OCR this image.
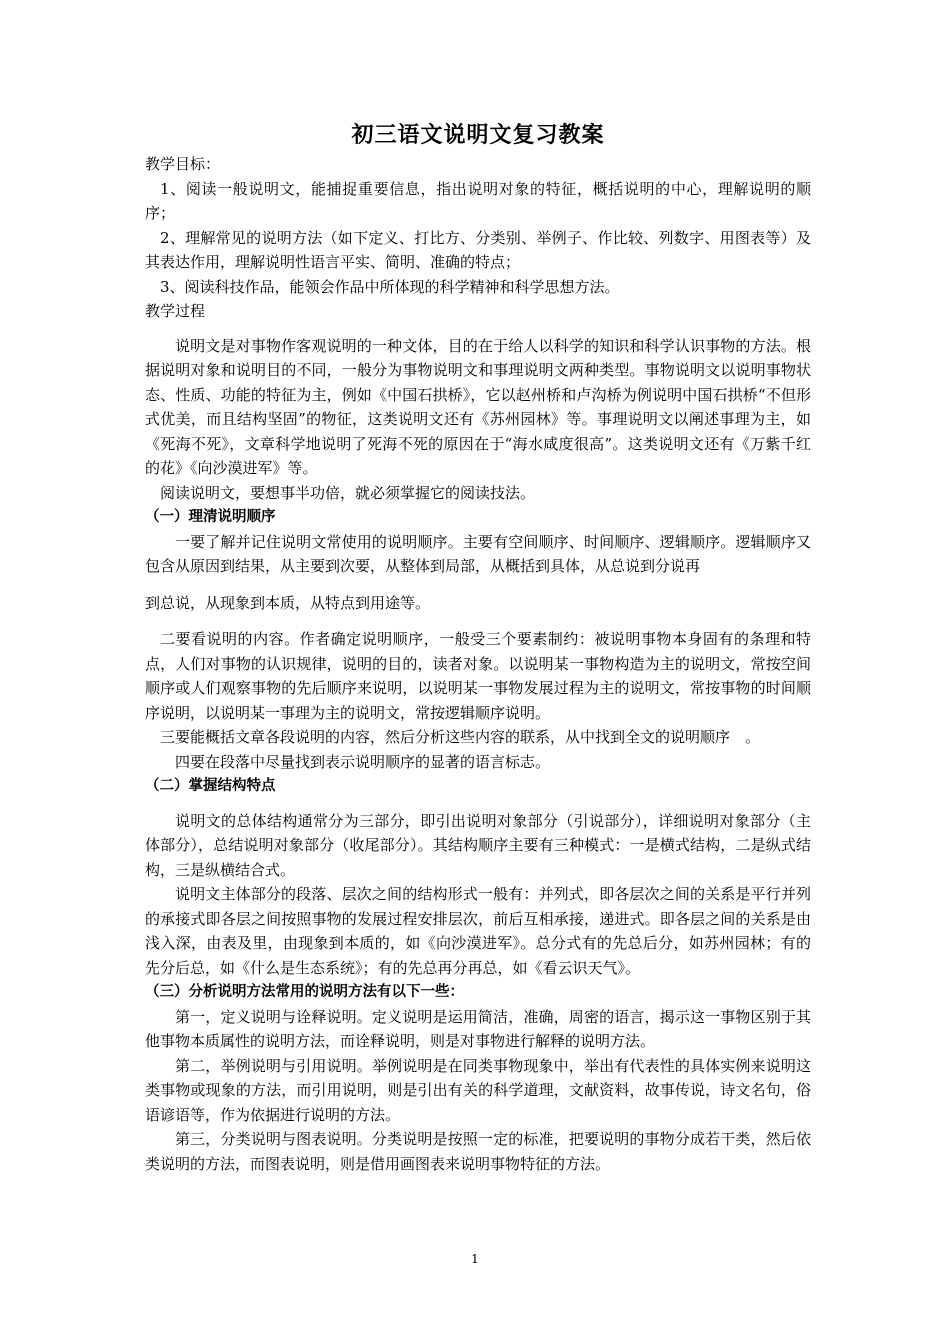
初三语文说明文复习教案

教学目标：

1、阅读一般说明文，能捕捉重要信息，指出说明对象的特征，概括说明的中心，理解说明的顺序；

2、理解常见的说明方法（如下定义、打比方、分类别、举例子、作比较、列数字、用图表等）及其表达作用，理解说明性语言平实、简明、准确的特点；

3、阅读科技作品，能领会作品中所体现的科学精神和科学思想方法。

教学过程

说明文是对事物作客观说明的一种文体，目的在于给人以科学的知识和科学认识事物的方法。根据说明对象和说明目的不同，一般分为事物说明文和事理说明文两种类型。事物说明文以说明事物状态、性质、功能的特征为主，例如《中国石拱桥》，它以赵州桥和卢沟桥为例说明中国石拱桥“不但形式优美，而且结构坚固”的物征，这类说明文还有《苏州园林》等。事理说明文以阐述事理为主，如《死海不死》，文章科学地说明了死海不死的原因在于“海水咸度很高”。这类说明文还有《万紫千红的花》《向沙漠进军》等。

阅读说明文，要想事半功倍，就必须掌握它的阅读技法。

（一）理清说明顺序

一要了解并记住说明文常使用的说明顺序。主要有空间顺序、时间顺序、逻辑顺序。逻辑顺序又包含从原因到结果，从主要到次要，从整体到局部，从概括到具体，从总说到分说再

到总说，从现象到本质，从特点到用途等。

二要看说明的内容。作者确定说明顺序，一般受三个要素制约：被说明事物本身固有的条理和特点，人们对事物的认识规律，说明的目的，读者对象。以说明某一事物构造为主的说明文，常按空间顺序或人们观察事物的先后顺序来说明，以说明某一事物发展过程为主的说明文，常按事物的时间顺序说明，以说明某一事理为主的说明文，常按逻辑顺序说明。

三要能概括文章各段说明的内容，然后分析这些内容的联系，从中找到全文的说明顺序　。

四要在段落中尽量找到表示说明顺序的显著的语言标志。

（二）掌握结构特点

说明文的总体结构通常分为三部分，即引出说明对象部分（引说部分），详细说明对象部分（主体部分），总结说明对象部分（收尾部分）。其结构顺序主要有三种模式：一是横式结构，二是纵式结构，三是纵横结合式。

说明文主体部分的段落、层次之间的结构形式一般有：并列式，即各层次之间的关系是平行并列的承接式即各层之间按照事物的发展过程安排层次，前后互相承接，递进式。即各层之间的关系是由浅入深，由表及里，由现象到本质的，如《向沙漠进军》。总分式有的先总后分，如苏州园林；有的先分后总，如《什么是生态系统》；有的先总再分再总，如《看云识天气》。

（三）分析说明方法常用的说明方法有以下一些：

第一，定义说明与诠释说明。定义说明是运用简洁，准确，周密的语言，揭示这一事物区别于其他事物本质属性的说明方法，而诠释说明，则是对事物进行解释的说明方法。

第二，举例说明与引用说明。举例说明是在同类事物现象中，举出有代表性的具体实例来说明这类事物或现象的方法，而引用说明，则是引出有关的科学道理，文献资料，故事传说，诗文名句，俗语谚语等，作为依据进行说明的方法。

第三，分类说明与图表说明。分类说明是按照一定的标准，把要说明的事物分成若干类，然后依类说明的方法，而图表说明，则是借用画图表来说明事物特征的方法。

1
